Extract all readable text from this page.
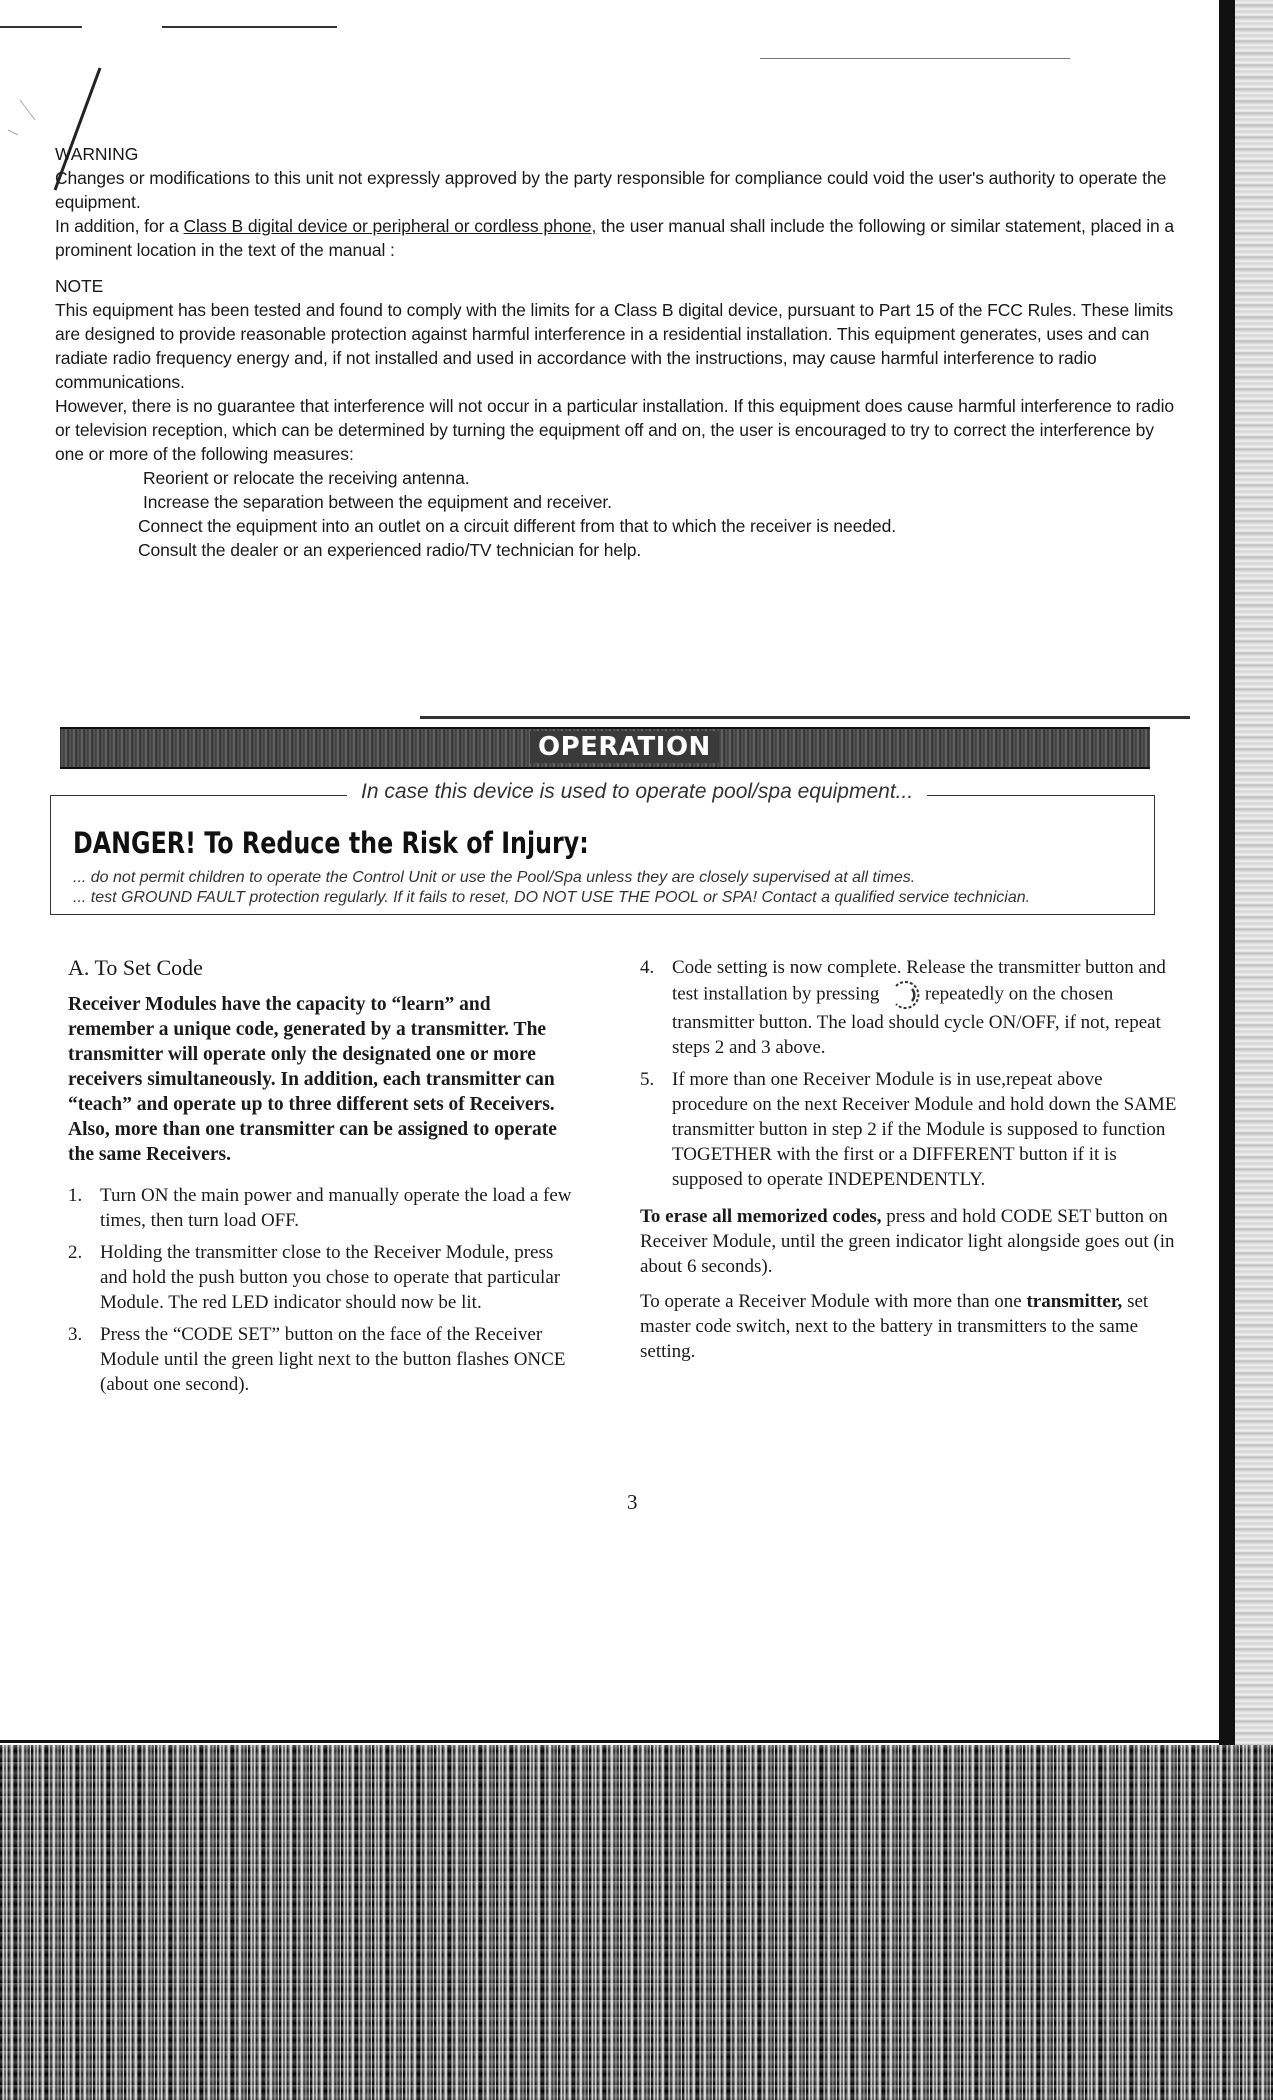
WARNING

Changes or modifications to this unit not expressly approved by the party responsible for compliance could void the user's authority to operate the equipment.

In addition, for a Class B digital device or peripheral or cordless phone, the user manual shall include the following or similar statement, placed in a prominent location in the text of the manual :

NOTE

This equipment has been tested and found to comply with the limits for a Class B digital device, pursuant to Part 15 of the FCC Rules. These limits are designed to provide reasonable protection against harmful interference in a residential installation. This equipment generates, uses and can radiate radio frequency energy and, if not installed and used in accordance with the instructions, may cause harmful interference to radio communications.

However, there is no guarantee that interference will not occur in a particular installation. If this equipment does cause harmful interference to radio or television reception, which can be determined by turning the equipment off and on, the user is encouraged to try to correct the interference by one or more of the following measures:

Reorient or relocate the receiving antenna.
Increase the separation between the equipment and receiver.
Connect the equipment into an outlet on a circuit different from that to which the receiver is needed.
Consult the dealer or an experienced radio/TV technician for help.
OPERATION
In case this device is used to operate pool/spa equipment...
DANGER! To Reduce the Risk of Injury:
... do not permit children to operate the Control Unit or use the Pool/Spa unless they are closely supervised at all times.
... test GROUND FAULT protection regularly. If it fails to reset, DO NOT USE THE POOL or SPA! Contact a qualified service technician.

A. To Set Code

Receiver Modules have the capacity to “learn” and remember a unique code, generated by a transmitter. The transmitter will operate only the designated one or more receivers simultaneously. In addition, each transmitter can “teach” and operate up to three different sets of Receivers. Also, more than one transmitter can be assigned to operate the same Receivers.

1. Turn ON the main power and manually operate the load a few times, then turn load OFF.
2. Holding the transmitter close to the Receiver Module, press and hold the push button you chose to operate that particular Module. The red LED indicator should now be lit.
3. Press the “CODE SET” button on the face of the Receiver Module until the green light next to the button flashes ONCE (about one second).
4. Code setting is now complete. Release the transmitter button and test installation by pressing repeatedly on the chosen transmitter button. The load should cycle ON/OFF, if not, repeat steps 2 and 3 above.
5. If more than one Receiver Module is in use,repeat above procedure on the next Receiver Module and hold down the SAME transmitter button in step 2 if the Module is supposed to function TOGETHER with the first or a DIFFERENT button if it is supposed to operate INDEPENDENTLY.

To erase all memorized codes, press and hold CODE SET button on Receiver Module, until the green indicator light alongside goes out (in about 6 seconds).

To operate a Receiver Module with more than one transmitter, set master code switch, next to the battery in transmitters to the same setting.

3
